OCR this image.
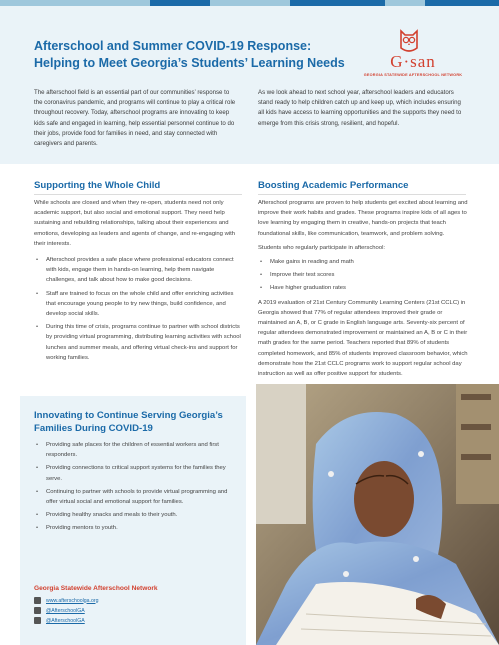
Afterschool and Summer COVID-19 Response:
Helping to Meet Georgia’s Students’ Learning Needs	G·san
GEORGIA STATEWIDE AFTERSCHOOL NETWORK
The afterschool field is an essential part of our communities’ response to the coronavirus pandemic, and programs will continue to play a critical role throughout recovery. Today, afterschool programs are innovating to keep kids safe and engaged in learning, help essential personnel continue to do their jobs, provide food for families in need, and stay connected with caregivers and parents.
As we look ahead to next school year, afterschool leaders and educators stand ready to help children catch up and keep up, which includes ensuring all kids have access to learning opportunities and the supports they need to emerge from this crisis strong, resilient, and hopeful.
Supporting the Whole Child

While schools are closed and when they re-open, students need not only academic support, but also social and emotional support. They need help sustaining and rebuilding relationships, talking about their experiences and emotions, developing as leaders and agents of change, and re-engaging with their interests.

• Afterschool provides a safe place where professional educators connect with kids, engage them in hands-on learning, help them navigate challenges, and talk about how to make good decisions.
• Staff are trained to focus on the whole child and offer enriching activities that encourage young people to try new things, build confidence, and develop social skills.
• During this time of crisis, programs continue to partner with school districts by providing virtual programming, distributing learning activities with school lunches and summer meals, and offering virtual check-ins and support for working families.
Boosting Academic Performance

Afterschool programs are proven to help students get excited about learning and improve their work habits and grades. These programs inspire kids of all ages to love learning by engaging them in creative, hands-on projects that teach foundational skills, like communication, teamwork, and problem solving.

Students who regularly participate in afterschool:

• Make gains in reading and math
• Improve their test scores
• Have higher graduation rates

A 2019 evaluation of 21st Century Community Learning Centers (21st CCLC) in Georgia showed that 77% of regular attendees improved their grade or maintained an A, B, or C grade in English language arts. Seventy-six percent of regular attendees demonstrated improvement or maintained an A, B or C in their math grades for the same period. Teachers reported that 89% of students completed homework, and 85% of students improved classroom behavior, which demonstrate how the 21st CCLC programs work to support regular school day instruction as well as offer positive support for students.

Innovating to Continue Serving Georgia’s
Families During COVID-19
• Providing safe places for the children of essential workers and first responders.
• Providing connections to critical support systems for the families they serve.
• Continuing to partner with schools to provide virtual programming and offer virtual social and emotional support for families.
• Providing healthy snacks and meals to their youth.
• Providing mentors to youth.
Georgia Statewide Afterschool Network
www.afterschoolga.org
@AfterschoolGA
@AfterschoolGA
